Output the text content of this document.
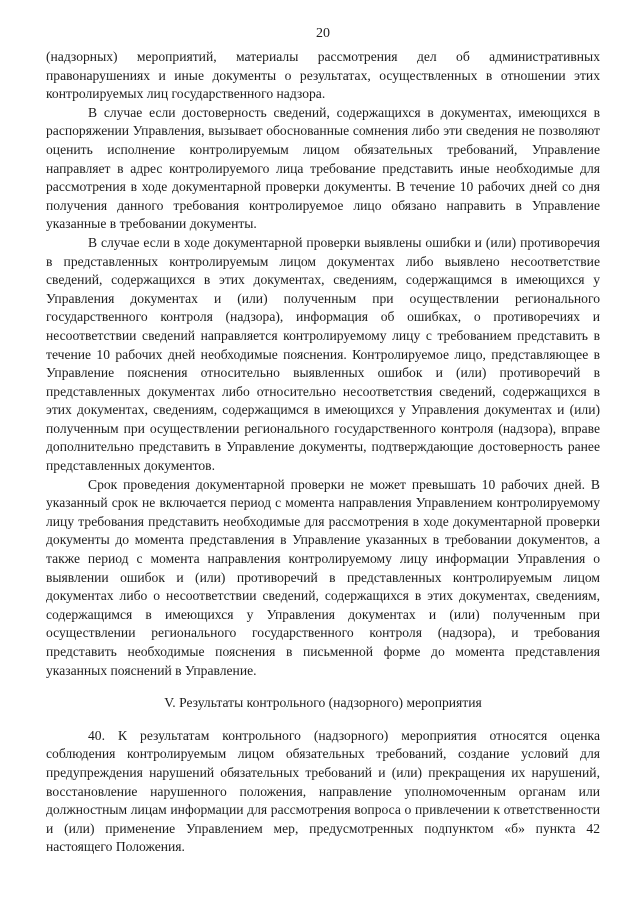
20

(надзорных) мероприятий, материалы рассмотрения дел об административных правонарушениях и иные документы о результатах, осуществленных в отношении этих контролируемых лиц государственного надзора.

В случае если достоверность сведений, содержащихся в документах, имеющихся в распоряжении Управления, вызывает обоснованные сомнения либо эти сведения не позволяют оценить исполнение контролируемым лицом обязательных требований, Управление направляет в адрес контролируемого лица требование представить иные необходимые для рассмотрения в ходе документарной проверки документы. В течение 10 рабочих дней со дня получения данного требования контролируемое лицо обязано направить в Управление указанные в требовании документы.

В случае если в ходе документарной проверки выявлены ошибки и (или) противоречия в представленных контролируемым лицом документах либо выявлено несоответствие сведений, содержащихся в этих документах, сведениям, содержащимся в имеющихся у Управления документах и (или) полученным при осуществлении регионального государственного контроля (надзора), информация об ошибках, о противоречиях и несоответствии сведений направляется контролируемому лицу с требованием представить в течение 10 рабочих дней необходимые пояснения. Контролируемое лицо, представляющее в Управление пояснения относительно выявленных ошибок и (или) противоречий в представленных документах либо относительно несоответствия сведений, содержащихся в этих документах, сведениям, содержащимся в имеющихся у Управления документах и (или) полученным при осуществлении регионального государственного контроля (надзора), вправе дополнительно представить в Управление документы, подтверждающие достоверность ранее представленных документов.

Срок проведения документарной проверки не может превышать 10 рабочих дней. В указанный срок не включается период с момента направления Управлением контролируемому лицу требования представить необходимые для рассмотрения в ходе документарной проверки документы до момента представления в Управление указанных в требовании документов, а также период с момента направления контролируемому лицу информации Управления о выявлении ошибок и (или) противоречий в представленных контролируемым лицом документах либо о несоответствии сведений, содержащихся в этих документах, сведениям, содержащимся в имеющихся у Управления документах и (или) полученным при осуществлении регионального государственного контроля (надзора), и требования представить необходимые пояснения в письменной форме до момента представления указанных пояснений в Управление.

V. Результаты контрольного (надзорного) мероприятия

40. К результатам контрольного (надзорного) мероприятия относятся оценка соблюдения контролируемым лицом обязательных требований, создание условий для предупреждения нарушений обязательных требований и (или) прекращения их нарушений, восстановление нарушенного положения, направление уполномоченным органам или должностным лицам информации для рассмотрения вопроса о привлечении к ответственности и (или) применение Управлением мер, предусмотренных подпунктом «б» пункта 42 настоящего Положения.
